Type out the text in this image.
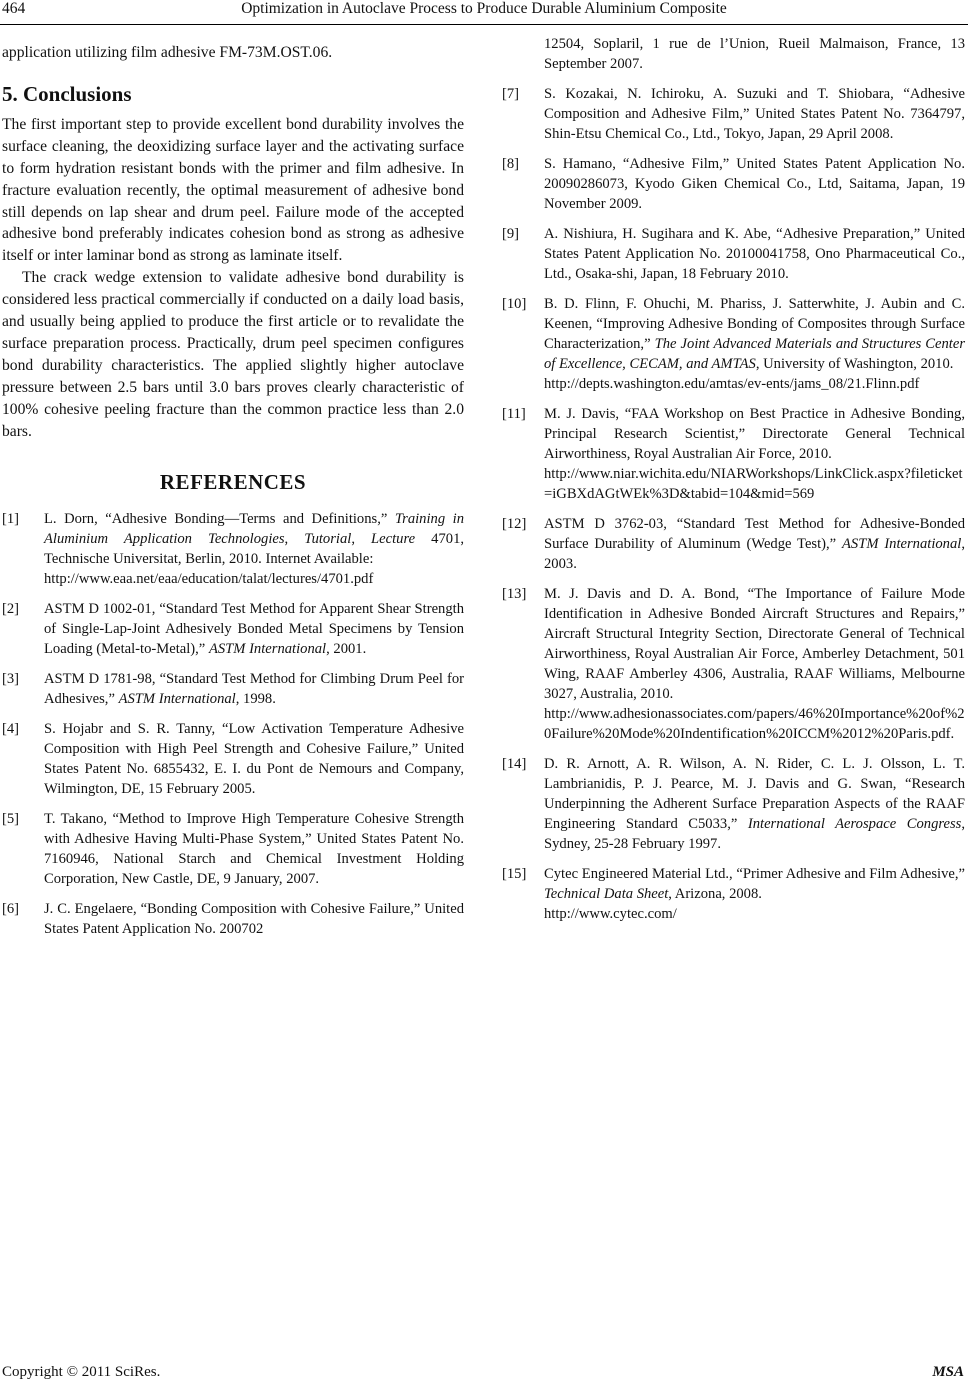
464	Optimization in Autoclave Process to Produce Durable Aluminium Composite

application utilizing film adhesive FM-73M.OST.06.

5. Conclusions

The first important step to provide excellent bond durability involves the surface cleaning, the deoxidizing surface layer and the activating surface to form hydration resistant bonds with the primer and film adhesive. In fracture evaluation recently, the optimal measurement of adhesive bond still depends on lap shear and drum peel. Failure mode of the accepted adhesive bond preferably indicates cohesion bond as strong as adhesive itself or inter laminar bond as strong as laminate itself.

The crack wedge extension to validate adhesive bond durability is considered less practical commercially if conducted on a daily load basis, and usually being applied to produce the first article or to revalidate the surface preparation process. Practically, drum peel specimen configures bond durability characteristics. The applied slightly higher autoclave pressure between 2.5 bars until 3.0 bars proves clearly characteristic of 100% cohesive peeling fracture than the common practice less than 2.0 bars.

REFERENCES
[1]	L. Dorn, “Adhesive Bonding—Terms and Definitions,” Training in Aluminium Application Technologies, Tutorial, Lecture 4701, Technische Universitat, Berlin, 2010. Internet Available:
http://www.eaa.net/eaa/education/talat/lectures/4701.pdf
[2]	ASTM D 1002-01, “Standard Test Method for Apparent Shear Strength of Single-Lap-Joint Adhesively Bonded Metal Specimens by Tension Loading (Metal-to-Metal),” ASTM International, 2001.
[3]	ASTM D 1781-98, “Standard Test Method for Climbing Drum Peel for Adhesives,” ASTM International, 1998.
[4]	S. Hojabr and S. R. Tanny, “Low Activation Temperature Adhesive Composition with High Peel Strength and Cohesive Failure,” United States Patent No. 6855432, E. I. du Pont de Nemours and Company, Wilmington, DE, 15 February 2005.
[5]	T. Takano, “Method to Improve High Temperature Cohesive Strength with Adhesive Having Multi-Phase System,” United States Patent No. 7160946, National Starch and Chemical Investment Holding Corporation, New Castle, DE, 9 January, 2007.
[6]	J. C. Engelaere, “Bonding Composition with Cohesive Failure,” United States Patent Application No. 200702
12504, Soplaril, 1 rue de l’Union, Rueil Malmaison, France, 13 September 2007.
[7]	S. Kozakai, N. Ichiroku, A. Suzuki and T. Shiobara, “Adhesive Composition and Adhesive Film,” United States Patent No. 7364797, Shin-Etsu Chemical Co., Ltd., Tokyo, Japan, 29 April 2008.
[8]	S. Hamano, “Adhesive Film,” United States Patent Application No. 20090286073, Kyodo Giken Chemical Co., Ltd, Saitama, Japan, 19 November 2009.
[9]	A. Nishiura, H. Sugihara and K. Abe, “Adhesive Preparation,” United States Patent Application No. 20100041758, Ono Pharmaceutical Co., Ltd., Osaka-shi, Japan, 18 February 2010.
[10]	B. D. Flinn, F. Ohuchi, M. Phariss, J. Satterwhite, J. Aubin and C. Keenen, “Improving Adhesive Bonding of Composites through Surface Characterization,” The Joint Advanced Materials and Structures Center of Excellence, CECAM, and AMTAS, University of Washington, 2010.
http://depts.washington.edu/amtas/ev-ents/jams_08/21.Flinn.pdf
[11]	M. J. Davis, “FAA Workshop on Best Practice in Adhesive Bonding, Principal Research Scientist,” Directorate General Technical Airworthiness, Royal Australian Air Force, 2010.
http://www.niar.wichita.edu/NIARWorkshops/LinkClick.aspx?fileticket=iGBXdAGtWEk%3D&tabid=104&mid=569
[12]	ASTM D 3762-03, “Standard Test Method for Adhesive-Bonded Surface Durability of Aluminum (Wedge Test),” ASTM International, 2003.
[13]	M. J. Davis and D. A. Bond, “The Importance of Failure Mode Identification in Adhesive Bonded Aircraft Structures and Repairs,” Aircraft Structural Integrity Section, Directorate General of Technical Airworthiness, Royal Australian Air Force, Amberley Detachment, 501 Wing, RAAF Amberley 4306, Australia, RAAF Williams, Melbourne 3027, Australia, 2010.
http://www.adhesionassociates.com/papers/46%20Importance%20of%20Failure%20Mode%20Indentification%20ICCM%2012%20Paris.pdf.
[14]	D. R. Arnott, A. R. Wilson, A. N. Rider, C. L. J. Olsson, L. T. Lambrianidis, P. J. Pearce, M. J. Davis and G. Swan, “Research Underpinning the Adherent Surface Preparation Aspects of the RAAF Engineering Standard C5033,” International Aerospace Congress, Sydney, 25-28 February 1997.
[15]	Cytec Engineered Material Ltd., “Primer Adhesive and Film Adhesive,” Technical Data Sheet, Arizona, 2008.
http://www.cytec.com/
Copyright © 2011 SciRes.	MSA
